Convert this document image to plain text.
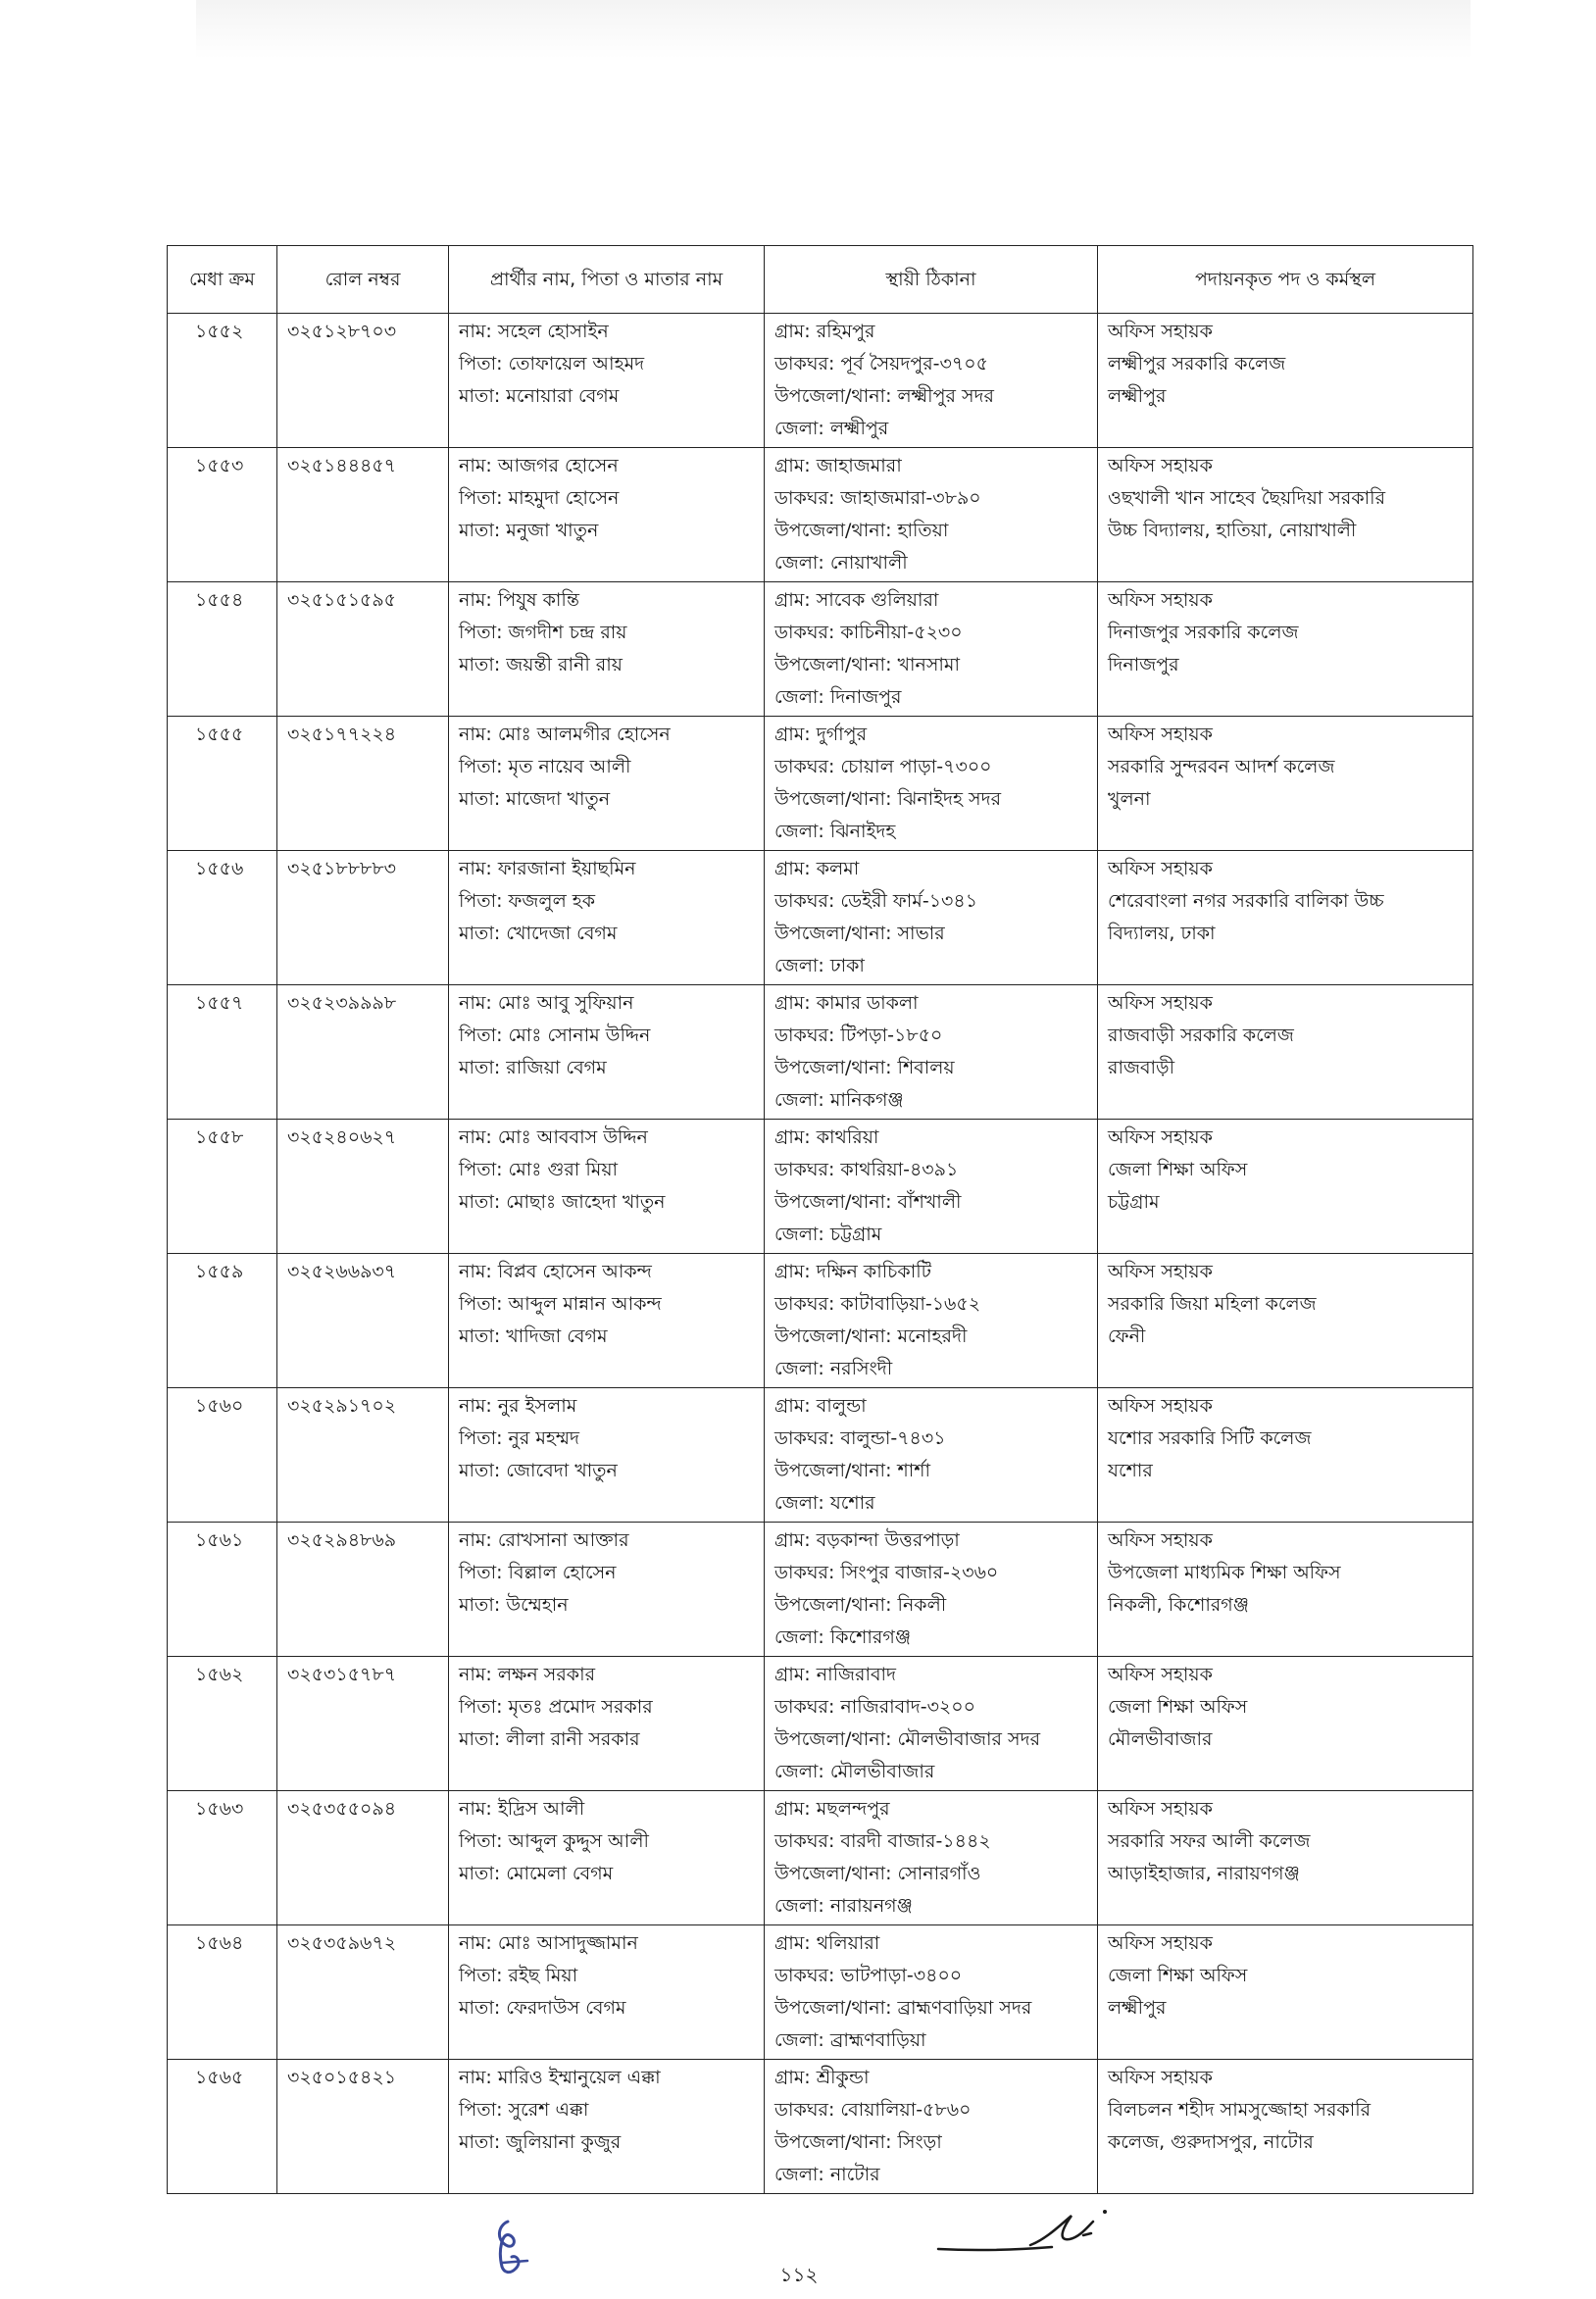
মেধা ক্রম	রোল নম্বর	প্রার্থীর নাম, পিতা ও মাতার নাম	স্থায়ী ঠিকানা	পদায়নকৃত পদ ও কর্মস্থল

১৫৫২	৩২৫১২৮৭০৩	নাম: সহেল হোসাইন
পিতা: তোফায়েল আহমদ
মাতা: মনোয়ারা বেগম	গ্রাম: রহিমপুর
ডাকঘর: পূর্ব সৈয়দপুর-৩৭০৫
উপজেলা/থানা: লক্ষ্মীপুর সদর
জেলা: লক্ষ্মীপুর	অফিস সহায়ক
লক্ষ্মীপুর সরকারি কলেজ
লক্ষ্মীপুর

১৫৫৩	৩২৫১৪৪৪৫৭	নাম: আজগর হোসেন
পিতা: মাহমুদা হোসেন
মাতা: মনুজা খাতুন	গ্রাম: জাহাজমারা
ডাকঘর: জাহাজমারা-৩৮৯০
উপজেলা/থানা: হাতিয়া
জেলা: নোয়াখালী	অফিস সহায়ক
ওছখালী খান সাহেব ছৈয়দিয়া সরকারি
উচ্চ বিদ্যালয়, হাতিয়া, নোয়াখালী

১৫৫৪	৩২৫১৫১৫৯৫	নাম: পিযুষ কান্তি
পিতা: জগদীশ চন্দ্র রায়
মাতা: জয়ন্তী রানী রায়	গ্রাম: সাবেক গুলিয়ারা
ডাকঘর: কাচিনীয়া-৫২৩০
উপজেলা/থানা: খানসামা
জেলা: দিনাজপুর	অফিস সহায়ক
দিনাজপুর সরকারি কলেজ
দিনাজপুর

১৫৫৫	৩২৫১৭৭২২৪	নাম: মোঃ আলমগীর হোসেন
পিতা: মৃত নায়েব আলী
মাতা: মাজেদা খাতুন	গ্রাম: দুর্গাপুর
ডাকঘর: চোয়াল পাড়া-৭৩০০
উপজেলা/থানা: ঝিনাইদহ সদর
জেলা: ঝিনাইদহ	অফিস সহায়ক
সরকারি সুন্দরবন আদর্শ কলেজ
খুলনা

১৫৫৬	৩২৫১৮৮৮৮৩	নাম: ফারজানা ইয়াছমিন
পিতা: ফজলুল হক
মাতা: খোদেজা বেগম	গ্রাম: কলমা
ডাকঘর: ডেইরী ফার্ম-১৩৪১
উপজেলা/থানা: সাভার
জেলা: ঢাকা	অফিস সহায়ক
শেরেবাংলা নগর সরকারি বালিকা উচ্চ
বিদ্যালয়, ঢাকা

১৫৫৭	৩২৫২৩৯৯৯৮	নাম: মোঃ আবু সুফিয়ান
পিতা: মোঃ সোনাম উদ্দিন
মাতা: রাজিয়া বেগম	গ্রাম: কামার ডাকলা
ডাকঘর: টিপড়া-১৮৫০
উপজেলা/থানা: শিবালয়
জেলা: মানিকগঞ্জ	অফিস সহায়ক
রাজবাড়ী সরকারি কলেজ
রাজবাড়ী

১৫৫৮	৩২৫২৪০৬২৭	নাম: মোঃ আববাস উদ্দিন
পিতা: মোঃ গুরা মিয়া
মাতা: মোছাঃ জাহেদা খাতুন	গ্রাম: কাথরিয়া
ডাকঘর: কাথরিয়া-৪৩৯১
উপজেলা/থানা: বাঁশখালী
জেলা: চট্টগ্রাম	অফিস সহায়ক
জেলা শিক্ষা অফিস
চট্টগ্রাম

১৫৫৯	৩২৫২৬৬৯৩৭	নাম: বিপ্লব হোসেন আকন্দ
পিতা: আব্দুল মান্নান আকন্দ
মাতা: খাদিজা বেগম	গ্রাম: দক্ষিন কাচিকাটি
ডাকঘর: কাটাবাড়িয়া-১৬৫২
উপজেলা/থানা: মনোহরদী
জেলা: নরসিংদী	অফিস সহায়ক
সরকারি জিয়া মহিলা কলেজ
ফেনী

১৫৬০	৩২৫২৯১৭০২	নাম: নুর ইসলাম
পিতা: নুর মহম্মদ
মাতা: জোবেদা খাতুন	গ্রাম: বালুন্ডা
ডাকঘর: বালুন্ডা-৭৪৩১
উপজেলা/থানা: শার্শা
জেলা: যশোর	অফিস সহায়ক
যশোর সরকারি সিটি কলেজ
যশোর

১৫৬১	৩২৫২৯৪৮৬৯	নাম: রোখসানা আক্তার
পিতা: বিল্লাল হোসেন
মাতা: উম্মেহান	গ্রাম: বড়কান্দা উত্তরপাড়া
ডাকঘর: সিংপুর বাজার-২৩৬০
উপজেলা/থানা: নিকলী
জেলা: কিশোরগঞ্জ	অফিস সহায়ক
উপজেলা মাধ্যমিক শিক্ষা অফিস
নিকলী, কিশোরগঞ্জ

১৫৬২	৩২৫৩১৫৭৮৭	নাম: লক্ষন সরকার
পিতা: মৃতঃ প্রমোদ সরকার
মাতা: লীলা রানী সরকার	গ্রাম: নাজিরাবাদ
ডাকঘর: নাজিরাবাদ-৩২০০
উপজেলা/থানা: মৌলভীবাজার সদর
জেলা: মৌলভীবাজার	অফিস সহায়ক
জেলা শিক্ষা অফিস
মৌলভীবাজার

১৫৬৩	৩২৫৩৫৫০৯৪	নাম: ইদ্রিস আলী
পিতা: আব্দুল কুদ্দুস আলী
মাতা: মোমেলা বেগম	গ্রাম: মছলন্দপুর
ডাকঘর: বারদী বাজার-১৪৪২
উপজেলা/থানা: সোনারগাঁও
জেলা: নারায়নগঞ্জ	অফিস সহায়ক
সরকারি সফর আলী কলেজ
আড়াইহাজার, নারায়ণগঞ্জ

১৫৬৪	৩২৫৩৫৯৬৭২	নাম: মোঃ আসাদুজ্জামান
পিতা: রইছ মিয়া
মাতা: ফেরদাউস বেগম	গ্রাম: থলিয়ারা
ডাকঘর: ভাটপাড়া-৩৪০০
উপজেলা/থানা: ব্রাহ্মণবাড়িয়া সদর
জেলা: ব্রাহ্মণবাড়িয়া	অফিস সহায়ক
জেলা শিক্ষা অফিস
লক্ষ্মীপুর

১৫৬৫	৩২৫০১৫৪২১	নাম: মারিও ইম্মানুয়েল এক্কা
পিতা: সুরেশ এক্কা
মাতা: জুলিয়ানা কুজুর	গ্রাম: শ্রীকুন্ডা
ডাকঘর: বোয়ালিয়া-৫৮৬০
উপজেলা/থানা: সিংড়া
জেলা: নাটোর	অফিস সহায়ক
বিলচলন শহীদ সামসুজ্জোহা সরকারি
কলেজ, গুরুদাসপুর, নাটোর
১১২
